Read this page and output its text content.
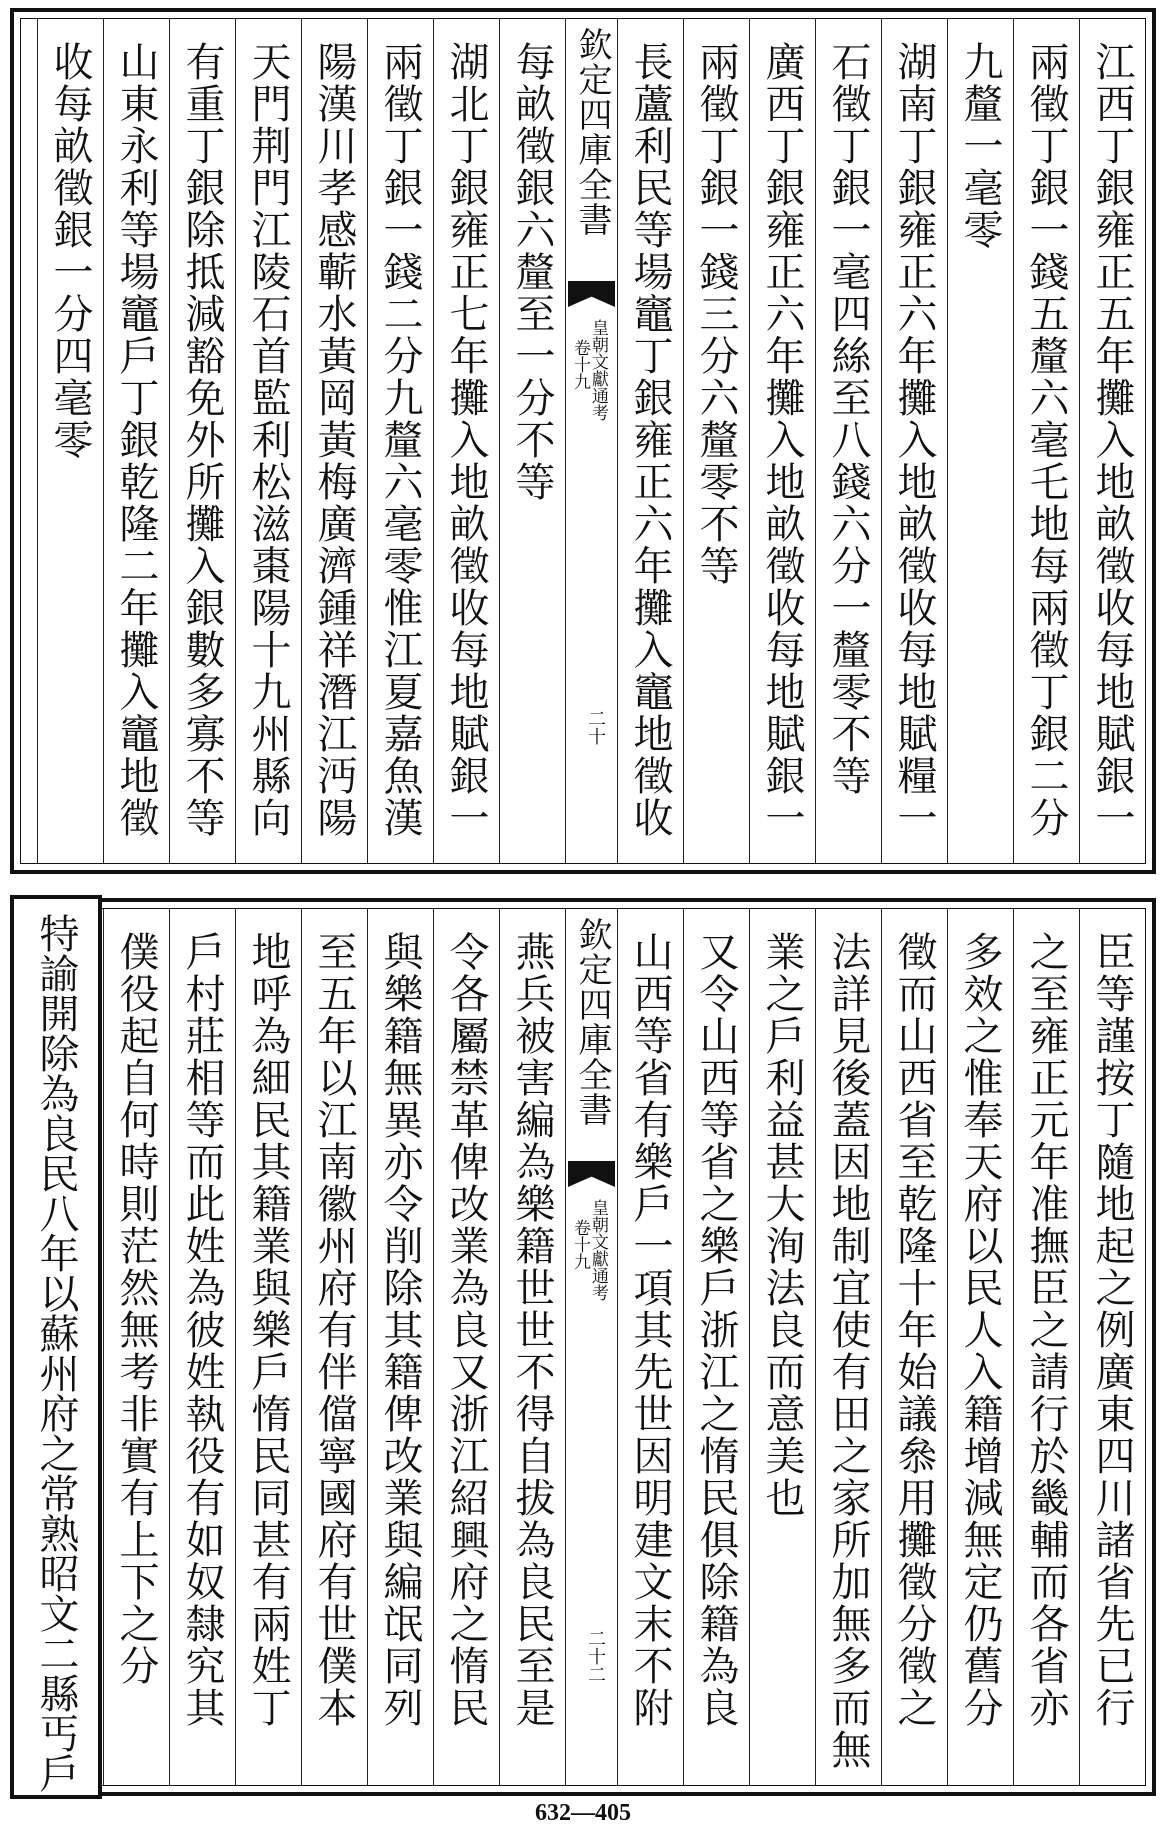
江西丁銀雍正五年攤入地畝徵收每地賦銀一
兩徵丁銀一錢五釐六毫乇地每兩徵丁銀二分
九釐一毫零
湖南丁銀雍正六年攤入地畝徵收每地賦糧一
石徵丁銀一毫四絲至八錢六分一釐零不等
廣西丁銀雍正六年攤入地畝徵收每地賦銀一
兩徵丁銀一錢三分六釐零不等
長蘆利民等場竈丁銀雍正六年攤入竈地徵收
欽定四庫全書
皇朝文獻通考
卷十九
二十
每畝徵銀六釐至一分不等
湖北丁銀雍正七年攤入地畝徵收每地賦銀一
兩徵丁銀一錢二分九釐六毫零惟江夏嘉魚漢
陽漢川孝感蘄水黃岡黃梅廣濟鍾祥潛江沔陽
天門荆門江陵石首監利松滋棗陽十九州縣向
有重丁銀除抵減豁免外所攤入銀數多寡不等
山東永利等場竈戶丁銀乾隆二年攤入竈地徵
收每畝徵銀一分四毫零
臣等謹按丁隨地起之例廣東四川諸省先已行
之至雍正元年准撫臣之請行於畿輔而各省亦
多效之惟奉天府以民人入籍增減無定仍舊分
徵而山西省至乾隆十年始議叅用攤徵分徵之
法詳見後蓋因地制宜使有田之家所加無多而無
業之戶利益甚大洵法良而意美也
又令山西等省之樂戶浙江之惰民俱除籍為良
山西等省有樂戶一項其先世因明建文末不附
欽定四庫全書
皇朝文獻通考
卷十九
二十二
燕兵被害編為樂籍世世不得自拔為良民至是
令各屬禁革俾改業為良又浙江紹興府之惰民
與樂籍無異亦令削除其籍俾改業與編氓同列
至五年以江南徽州府有伴儅寧國府有世僕本
地呼為細民其籍業與樂戶惰民同甚有兩姓丁
戶村莊相等而此姓為彼姓執役有如奴隸究其
僕役起自何時則茫然無考非實有上下之分
特諭開除為良民八年以蘇州府之常熟昭文二縣丐戶
632—405
